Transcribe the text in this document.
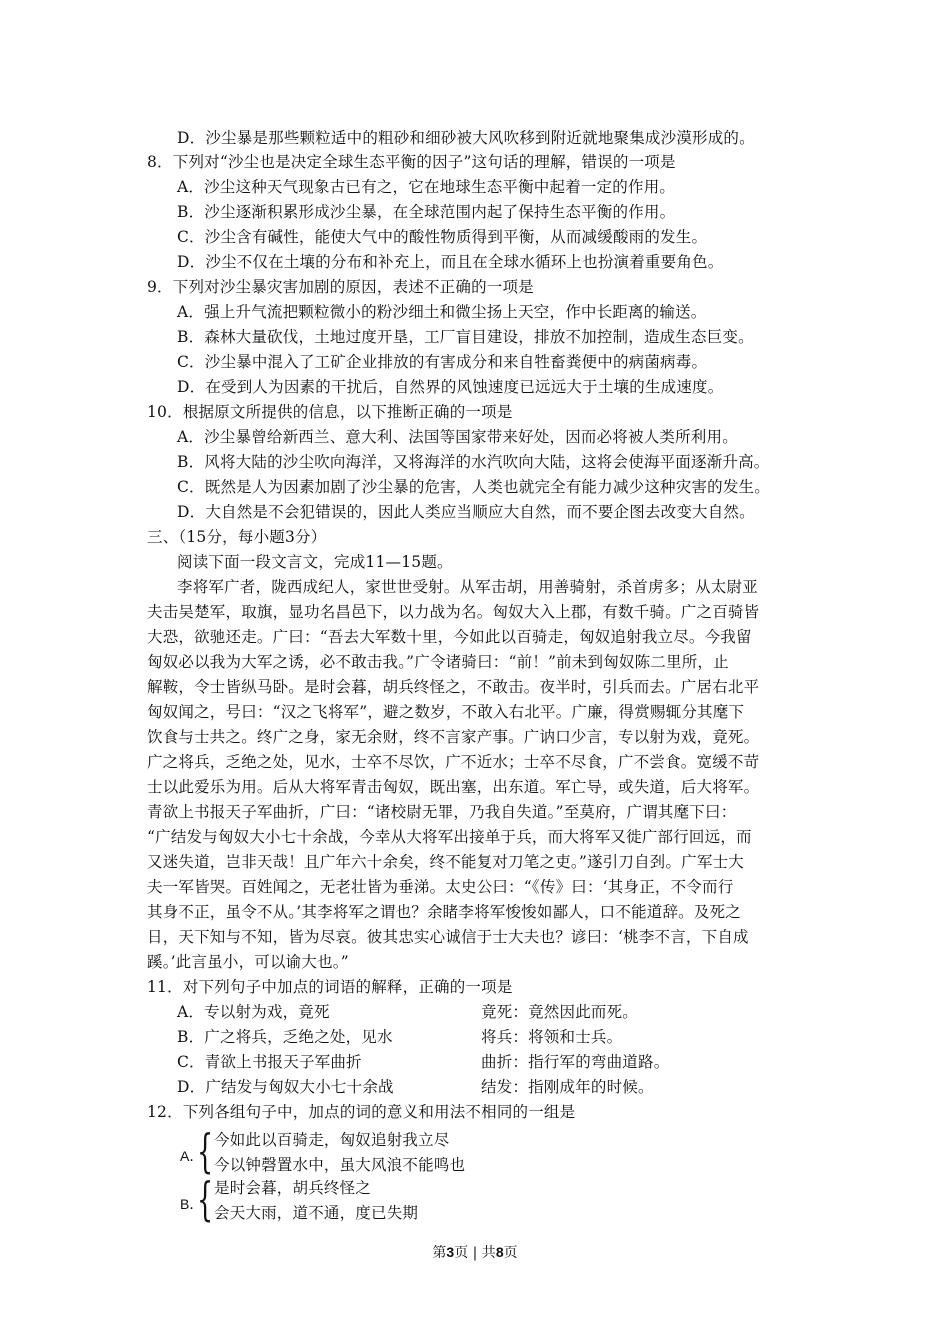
D．沙尘暴是那些颗粒适中的粗砂和细砂被大风吹移到附近就地聚集成沙漠形成的。
8．下列对“沙尘也是决定全球生态平衡的因子”这句话的理解，错误的一项是
A．沙尘这种天气现象古已有之，它在地球生态平衡中起着一定的作用。
B．沙尘逐渐积累形成沙尘暴，在全球范围内起了保持生态平衡的作用。
C．沙尘含有碱性，能使大气中的酸性物质得到平衡，从而减缓酸雨的发生。
D．沙尘不仅在土壤的分布和补充上，而且在全球水循环上也扮演着重要角色。
9．下列对沙尘暴灾害加剧的原因，表述不正确的一项是
A．强上升气流把颗粒微小的粉沙细土和微尘扬上天空，作中长距离的输送。
B．森林大量砍伐，土地过度开垦，工厂盲目建设，排放不加控制，造成生态巨变。
C．沙尘暴中混入了工矿企业排放的有害成分和来自牲畜粪便中的病菌病毒。
D．在受到人为因素的干扰后，自然界的风蚀速度已远远大于土壤的生成速度。
10．根据原文所提供的信息，以下推断正确的一项是
A．沙尘暴曾给新西兰、意大利、法国等国家带来好处，因而必将被人类所利用。
B．风将大陆的沙尘吹向海洋，又将海洋的水汽吹向大陆，这将会使海平面逐渐升高。
C．既然是人为因素加剧了沙尘暴的危害，人类也就完全有能力减少这种灾害的发生。
D．大自然是不会犯错误的，因此人类应当顺应大自然，而不要企图去改变大自然。
三、（15分，每小题3分）
阅读下面一段文言文，完成11—15题。
李将军广者，陇西成纪人，家世世受射。从军击胡，用善骑射，杀首虏多；从太尉亚
夫击吴楚军，取旗，显功名昌邑下，以力战为名。匈奴大入上郡，有数千骑。广之百骑皆
大恐，欲驰还走。广曰：“吾去大军数十里，今如此以百骑走，匈奴追射我立尽。今我留
匈奴必以我为大军之诱，必不敢击我。”广令诸骑曰：“前！”前未到匈奴陈二里所，止
解鞍，令士皆纵马卧。是时会暮，胡兵终怪之，不敢击。夜半时，引兵而去。广居右北平
匈奴闻之，号曰：“汉之飞将军”，避之数岁，不敢入右北平。广廉，得赏赐辄分其麾下
饮食与士共之。终广之身，家无余财，终不言家产事。广讷口少言，专以射为戏，竟死。
广之将兵，乏绝之处，见水，士卒不尽饮，广不近水；士卒不尽食，广不尝食。宽缓不苛
士以此爱乐为用。后从大将军青击匈奴，既出塞，出东道。军亡导，或失道，后大将军。
青欲上书报天子军曲折，广曰：“诸校尉无罪，乃我自失道。”至莫府，广谓其麾下曰：
“广结发与匈奴大小七十余战，今幸从大将军出接单于兵，而大将军又徙广部行回远，而
又迷失道，岂非天哉！且广年六十余矣，终不能复对刀笔之吏。”遂引刀自刭。广军士大
夫一军皆哭。百姓闻之，无老壮皆为垂涕。太史公曰：“《传》曰：‘其身正，不令而行
其身不正，虽令不从。’其李将军之谓也？余睹李将军悛悛如鄙人，口不能道辞。及死之
日，天下知与不知，皆为尽哀。彼其忠实心诚信于士大夫也？谚曰：‘桃李不言，下自成
蹊。’此言虽小，可以谕大也。”
11．对下列句子中加点的词语的解释，正确的一项是
A．专以射为戏，竟死	竟死：竟然因此而死。
B．广之将兵，乏绝之处，见水	将兵：将领和士兵。
C．青欲上书报天子军曲折	曲折：指行军的弯曲道路。
D．广结发与匈奴大小七十余战	结发：指刚成年的时候。
12．下列各组句子中，加点的词的意义和用法不相同的一组是
A．
{ 今如此以百骑走，匈奴追射我立尽
今以钟磬置水中，虽大风浪不能鸣也
B．
{ 是时会暮，胡兵终怪之
会天大雨，道不通，度已失期
第3页 | 共8页
